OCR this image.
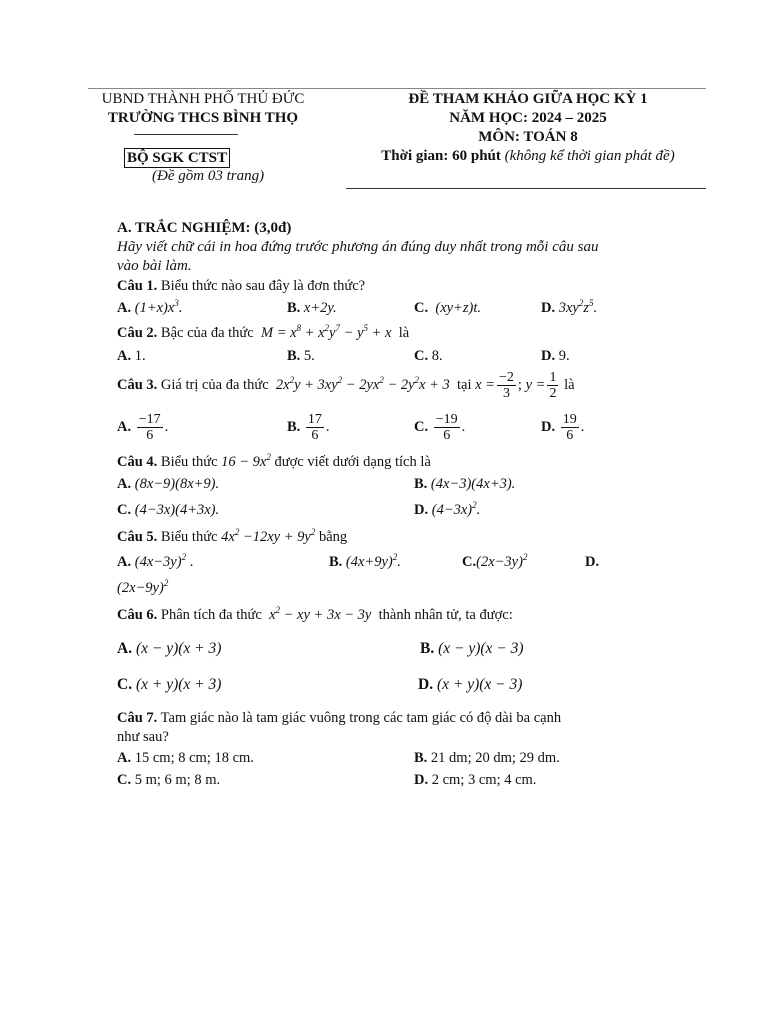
UBND THÀNH PHỐ THỦ ĐỨC
TRƯỜNG THCS BÌNH THỌ
BỘ SGK CTST
(Đề gồm 03 trang)
ĐỀ THAM KHẢO GIỮA HỌC KỲ 1
NĂM HỌC: 2024 – 2025
MÔN: TOÁN 8
Thời gian: 60 phút (không kể thời gian phát đề)
A. TRẮC NGHIỆM: (3,0đ)
Hãy viết chữ cái in hoa đứng trước phương án đúng duy nhất trong mỗi câu sau
vào bài làm.
Câu 1. Biểu thức nào sau đây là đơn thức?
A. $(1+x)x^3$.	B. x+2y.	C. (xy+z)t.	D. $3xy^2z^5$.
Câu 2. Bậc của đa thức $M = x^8 + x^2y^7 - y^5 + x$ là
A. 1.	B. 5.	C. 8.	D. 9.
Câu 3. Giá trị của đa thức $2x^2y + 3xy^2 - 2yx^2 - 2y^2x + 3$ tại $x = \frac{-2}{3}$ ; $y = \frac{1}{2}$ là
A. $\frac{-17}{6}$ .	B. $\frac{17}{6}$ .	C. $\frac{-19}{6}$ .	D. $\frac{19}{6}$ .
Câu 4. Biểu thức $16 - 9x^2$ được viết dưới dạng tích là
A. (8x−9)(8x+9).	B. (4x−3)(4x+3).
C. (4−3x)(4+3x).	D. $(4-3x)^2$.
Câu 5. Biểu thức $4x^2 -12xy + 9y^2$ bằng
A. $(4x-3y)^2$ .	B. $(4x+9y)^2$.	$C.(2x-3y)^2$	D.
$(2x-9y)^2$
Câu 6. Phân tích đa thức $x^2$ − xy + 3x − 3y thành nhân tử, ta được:
A. (x − y)(x + 3)	B. (x − y)(x − 3)
C. (x + y)(x + 3)	D. (x + y)(x − 3)
Câu 7. Tam giác nào là tam giác vuông trong các tam giác có độ dài ba cạnh
như sau?
A. 15 cm; 8 cm; 18 cm.	B. 21 dm; 20 dm; 29 dm.
C. 5 m; 6 m; 8 m.	D. 2 cm; 3 cm; 4 cm.
